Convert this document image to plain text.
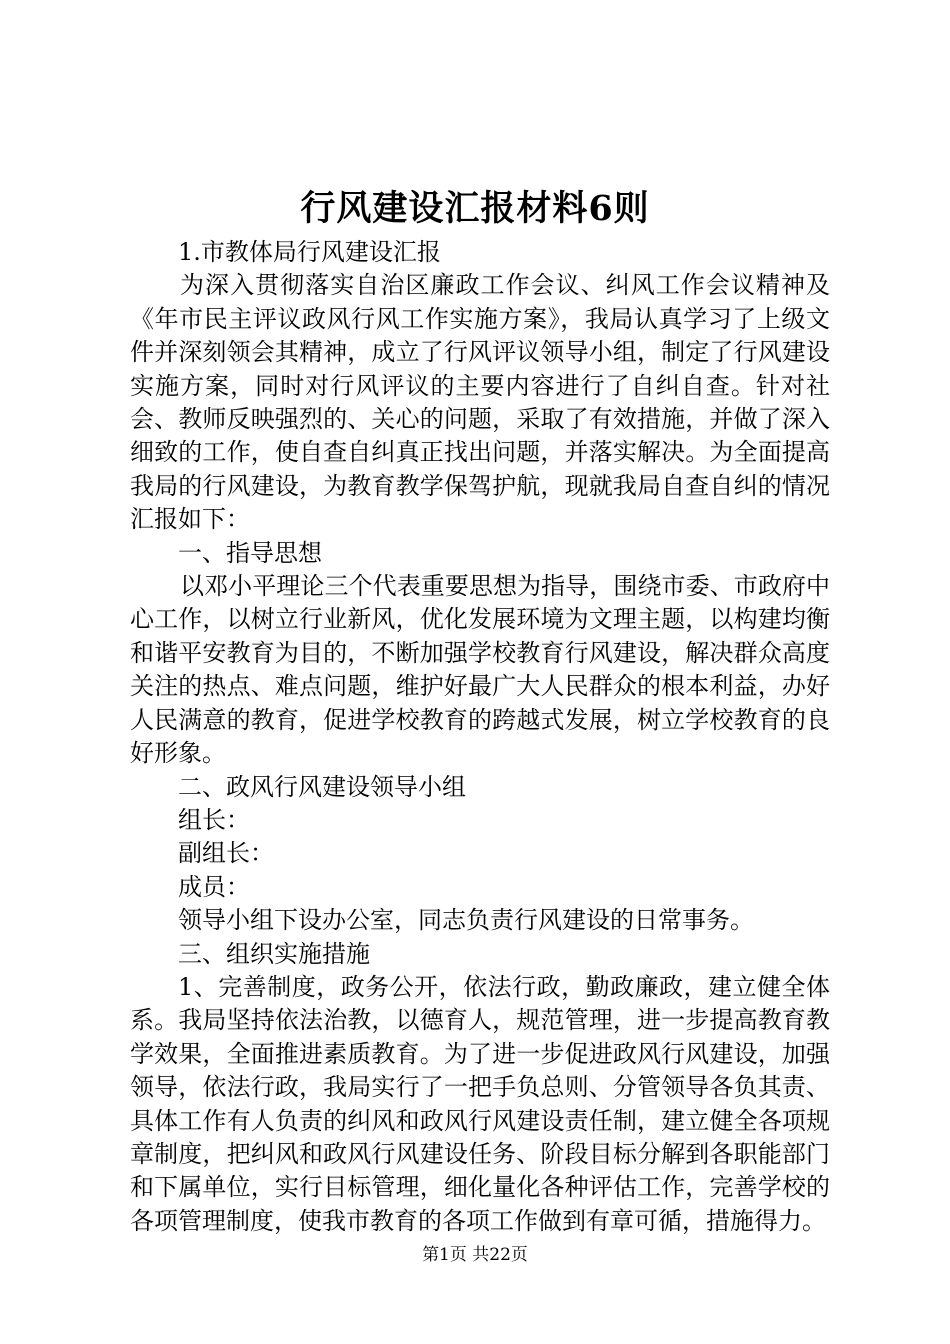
行风建设汇报材料6则

1.市教体局行风建设汇报

为深入贯彻落实自治区廉政工作会议、纠风工作会议精神及《年市民主评议政风行风工作实施方案》，我局认真学习了上级文件并深刻领会其精神，成立了行风评议领导小组，制定了行风建设实施方案，同时对行风评议的主要内容进行了自纠自查。针对社会、教师反映强烈的、关心的问题，采取了有效措施，并做了深入细致的工作，使自查自纠真正找出问题，并落实解决。为全面提高我局的行风建设，为教育教学保驾护航，现就我局自查自纠的情况汇报如下：

一、指导思想

以邓小平理论三个代表重要思想为指导，围绕市委、市政府中心工作，以树立行业新风，优化发展环境为文理主题，以构建均衡和谐平安教育为目的，不断加强学校教育行风建设，解决群众高度关注的热点、难点问题，维护好最广大人民群众的根本利益，办好人民满意的教育，促进学校教育的跨越式发展，树立学校教育的良好形象。

二、政风行风建设领导小组

组长：

副组长：

成员：

领导小组下设办公室，同志负责行风建设的日常事务。

三、组织实施措施

1、完善制度，政务公开，依法行政，勤政廉政，建立健全体系。我局坚持依法治教，以德育人，规范管理，进一步提高教育教学效果，全面推进素质教育。为了进一步促进政风行风建设，加强领导，依法行政，我局实行了一把手负总则、分管领导各负其责、具体工作有人负责的纠风和政风行风建设责任制，建立健全各项规章制度，把纠风和政风行风建设任务、阶段目标分解到各职能部门和下属单位，实行目标管理，细化量化各种评估工作，完善学校的各项管理制度，使我市教育的各项工作做到有章可循，措施得力。

第1页 共22页
